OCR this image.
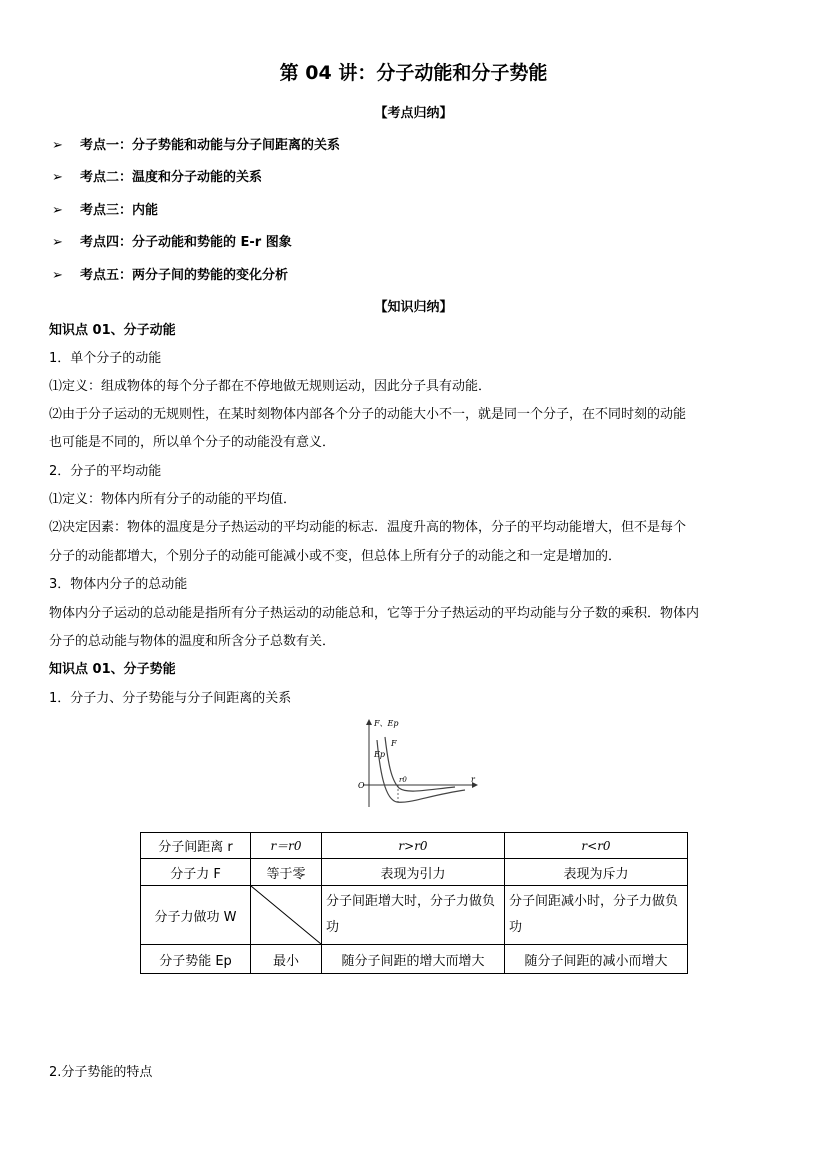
第 04 讲：分子动能和分子势能
【考点归纳】
➢ 考点一：分子势能和动能与分子间距离的关系
➢ 考点二：温度和分子动能的关系
➢ 考点三：内能
➢ 考点四：分子动能和势能的 E-r 图象
➢ 考点五：两分子间的势能的变化分析
【知识归纳】
知识点 01、分子动能
1．单个分子的动能
⑴定义：组成物体的每个分子都在不停地做无规则运动，因此分子具有动能．
⑵由于分子运动的无规则性，在某时刻物体内部各个分子的动能大小不一，就是同一个分子，在不同时刻的动能
也可能是不同的，所以单个分子的动能没有意义．
2．分子的平均动能
⑴定义：物体内所有分子的动能的平均值．
⑵决定因素：物体的温度是分子热运动的平均动能的标志．温度升高的物体，分子的平均动能增大，但不是每个
分子的动能都增大，个别分子的动能可能减小或不变，但总体上所有分子的动能之和一定是增加的．
3．物体内分子的总动能
物体内分子运动的总动能是指所有分子热运动的动能总和，它等于分子热运动的平均动能与分子数的乘积．物体内
分子的总动能与物体的温度和所含分子总数有关．
知识点 01、分子势能
1．分子力、分子势能与分子间距离的关系
F、Ep
Ep
F
O
r0	r
分子间距离 r	r＝r0	r>r0	r<r0
分子力 F	等于零	表现为引力	表现为斥力
分子力做功 W		分子间距增大时，分子力做负功	分子间距减小时，分子力做负功
分子势能 Ep	最小	随分子间距的增大而增大	随分子间距的减小而增大
2.分子势能的特点
